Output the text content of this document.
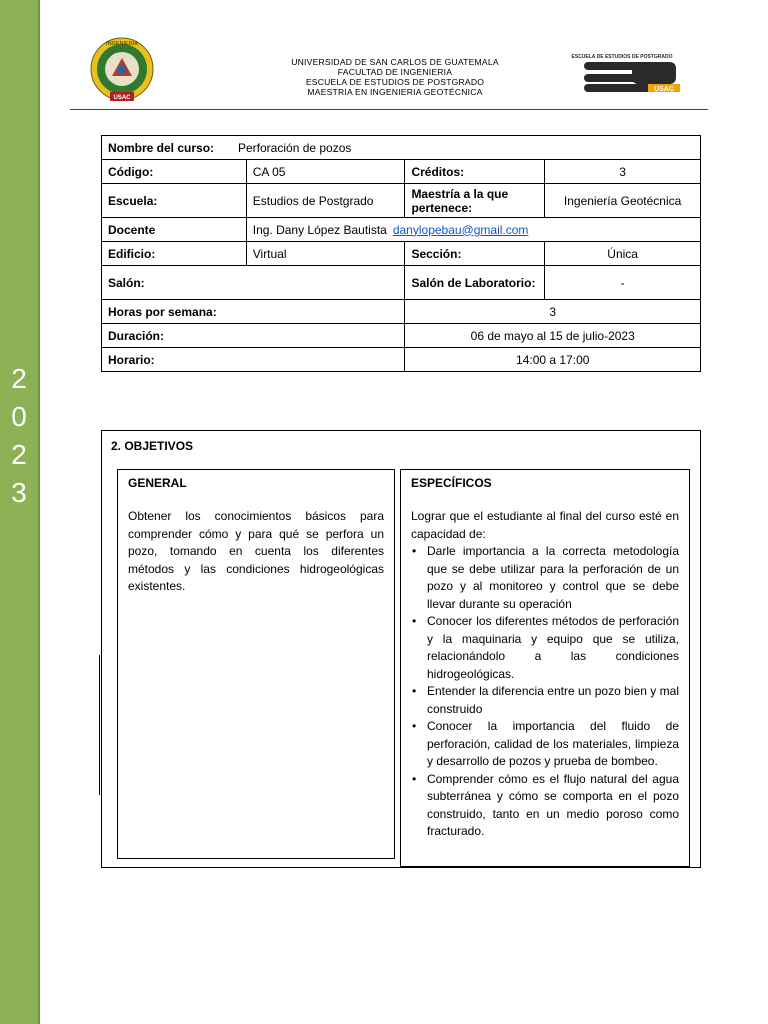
2
0
2
3
INGENIERIA
USAC
UNIVERSIDAD DE SAN CARLOS DE GUATEMALA
FACULTAD DE INGENIERIA
ESCUELA DE ESTUDIOS DE POSTGRADO
MAESTRIA EN INGENIERIA GEOTÉCNICA
ESCUELA DE ESTUDIOS DE POSTGRADO
USAC
Nombre del curso: Perforación de pozos			
Código:	CA 05	Créditos:	3
Escuela:	Estudios de Postgrado	Maestría a la que pertenece:	Ingeniería Geotécnica
Docente	Ing. Dany López Bautista danylopebau@gmail.com		
Edificio:	Virtual	Sección:	Única
Salón:		Salón de Laboratorio:	-
Horas por semana:		3	
Duración:		06 de mayo al 15 de julio-2023	
Horario:		14:00 a 17:00	
2. OBJETIVOS
GENERAL

Obtener los conocimientos básicos para comprender cómo y para qué se perfora un pozo, tomando en cuenta los diferentes métodos y las condiciones hidrogeológicas existentes.

ESPECÍFICOS

Lograr que el estudiante al final del curso esté en capacidad de:

• Darle importancia a la correcta metodología que se debe utilizar para la perforación de un pozo y al monitoreo y control que se debe llevar durante su operación
• Conocer los diferentes métodos de perforación y la maquinaria y equipo que se utiliza, relacionándolo a las condiciones hidrogeológicas.
• Entender la diferencia entre un pozo bien y mal construido
• Conocer la importancia del fluido de perforación, calidad de los materiales, limpieza y desarrollo de pozos y prueba de bombeo.
• Comprender cómo es el flujo natural del agua subterránea y cómo se comporta en el pozo construido, tanto en un medio poroso como fracturado.
